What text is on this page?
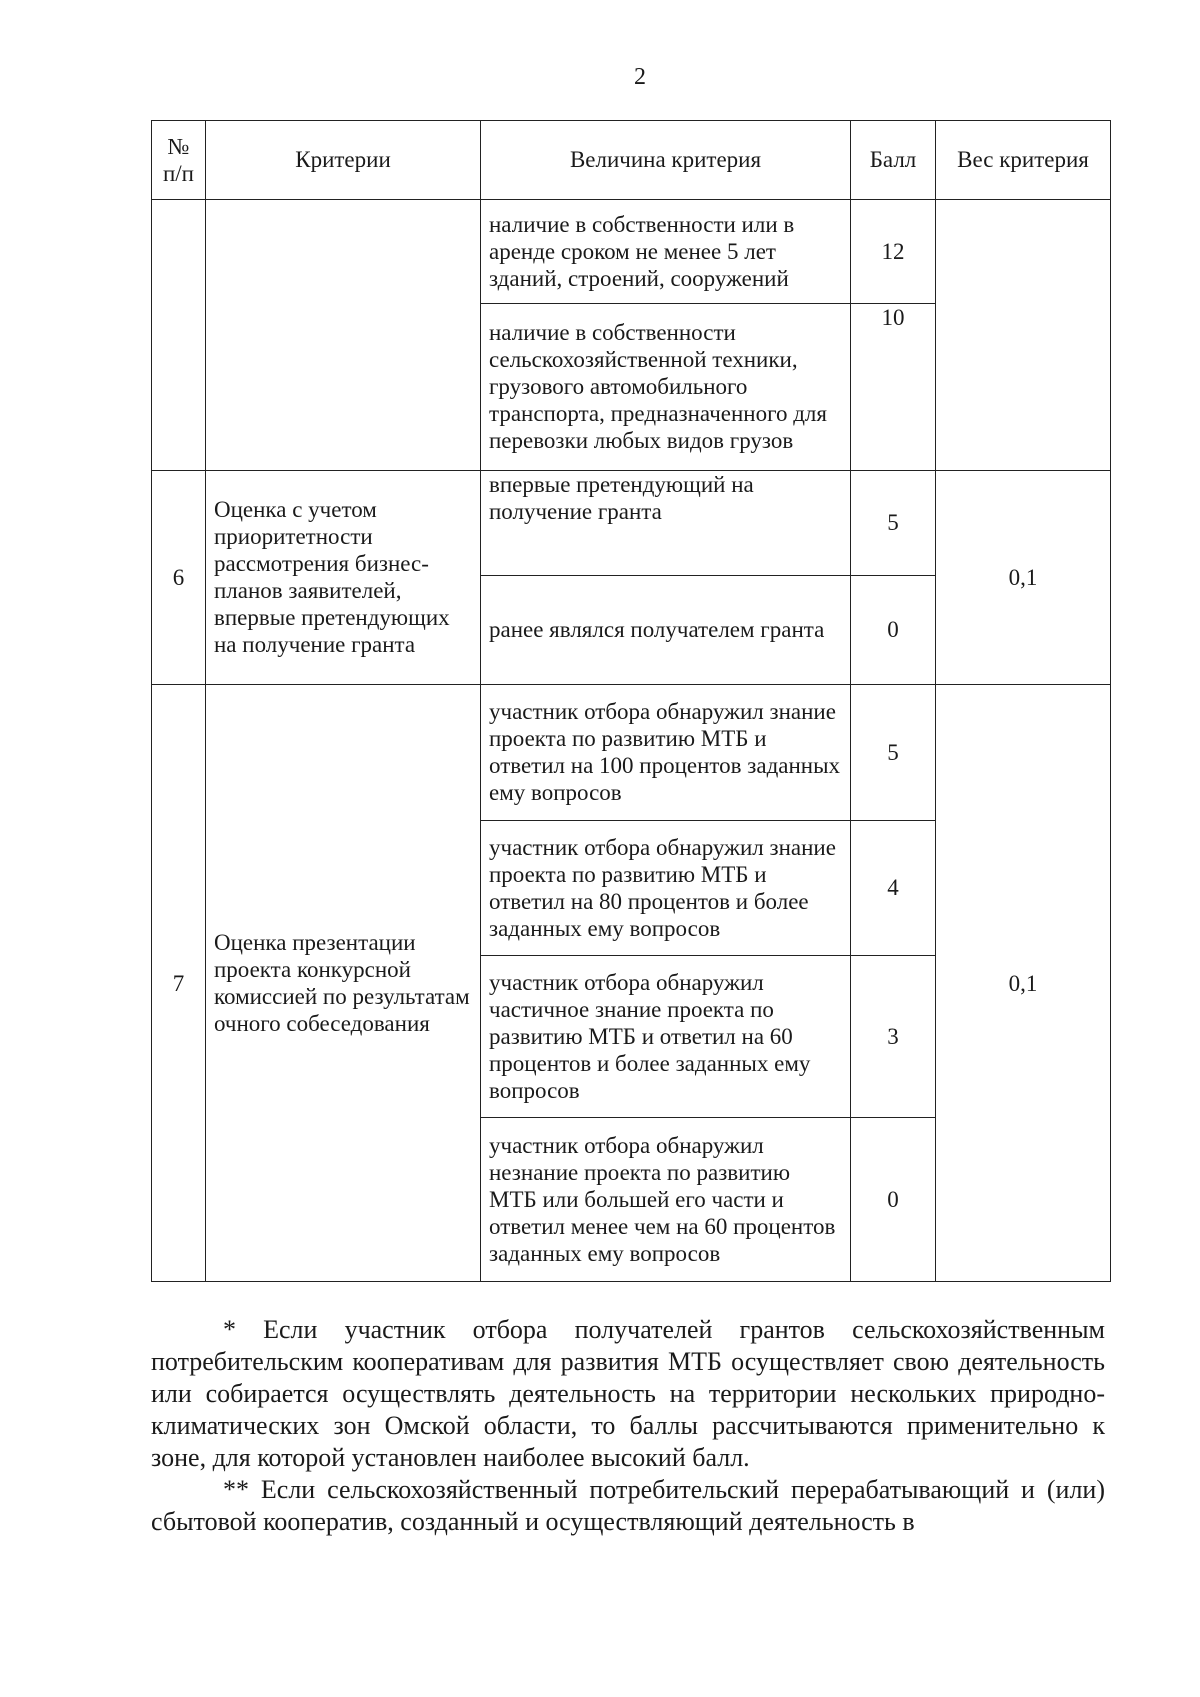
2
№ п/п	Критерии	Величина критерия	Балл	Вес критерия
		наличие в собственности или в аренде сроком не менее 5 лет зданий, строений, сооружений	12	
		наличие в собственности сельскохозяйственной техники, грузового автомобильного транспорта, предназначенного для перевозки любых видов грузов	10	
6	Оценка с учетом приоритетности рассмотрения бизнес-планов заявителей, впервые претендующих на получение гранта	впервые претендующий на получение гранта	5	0,1
		ранее являлся получателем гранта	0	
7	Оценка презентации проекта конкурсной комиссией по результатам очного собеседования	участник отбора обнаружил знание проекта по развитию МТБ и ответил на 100 процентов заданных ему вопросов	5	0,1
		участник отбора обнаружил знание проекта по развитию МТБ и ответил на 80 процентов и более заданных ему вопросов	4	
		участник отбора обнаружил частичное знание проекта по развитию МТБ и ответил на 60 процентов и более заданных ему вопросов	3	
		участник отбора обнаружил незнание проекта по развитию МТБ или большей его части и ответил менее чем на 60 процентов заданных ему вопросов	0	

* Если участник отбора получателей грантов сельскохозяйственным потребительским кооперативам для развития МТБ осуществляет свою деятельность или собирается осуществлять деятельность на территории нескольких природно-климатических зон Омской области, то баллы рассчитываются применительно к зоне, для которой установлен наиболее высокий балл.

** Если сельскохозяйственный потребительский перерабатывающий и (или) сбытовой кооператив, созданный и осуществляющий деятельность в
